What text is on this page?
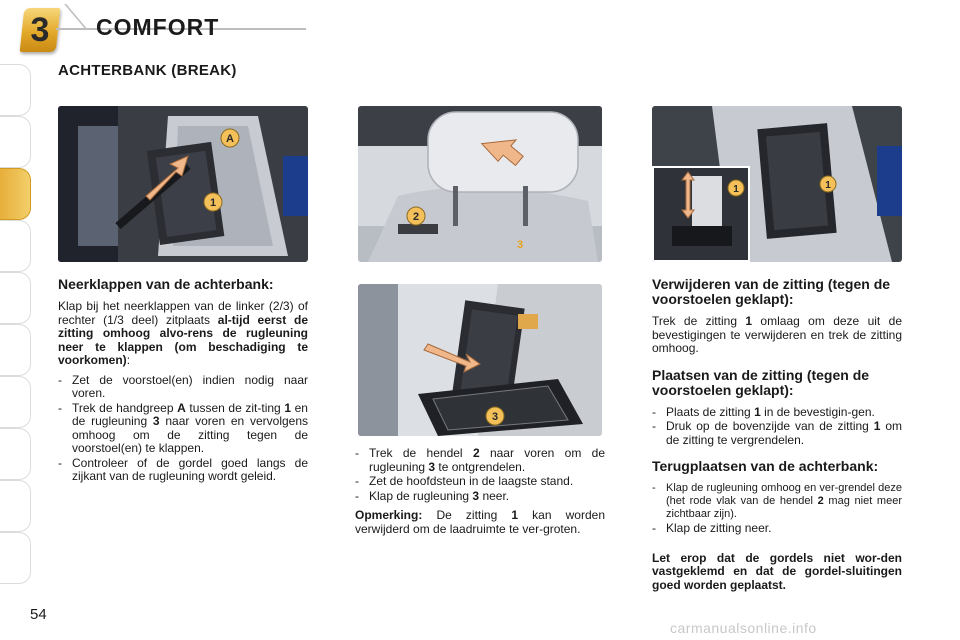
3	COMFORT
ACHTERBANK (BREAK)
A
1
2
3
3
1	1
Neerklappen van de achterbank:

Klap bij het neerklappen van de linker (2/3) of rechter (1/3 deel) zitplaats al-tijd eerst de zitting omhoog alvo-rens de rugleuning neer te klappen (om beschadiging te voorkomen):

- Zet de voorstoel(en) indien nodig naar voren.
- Trek de handgreep A tussen de zit-ting 1 en de rugleuning 3 naar voren en vervolgens omhoog om de zitting tegen de voorstoel(en) te klappen.
- Controleer of de gordel goed langs de zijkant van de rugleuning wordt geleid.
- Trek de hendel 2 naar voren om de rugleuning 3 te ontgrendelen.
- Zet de hoofdsteun in de laagste stand.
- Klap de rugleuning 3 neer.

Opmerking: De zitting 1 kan worden verwijderd om de laadruimte te ver-groten.

Verwijderen van de zitting (tegen de voorstoelen geklapt):

Trek de zitting 1 omlaag om deze uit de bevestigingen te verwijderen en trek de zitting omhoog.

Plaatsen van de zitting (tegen de voorstoelen geklapt):
- Plaats de zitting 1 in de bevestigin-gen.
- Druk op de bovenzijde van de zitting 1 om de zitting te vergrendelen.
Terugplaatsen van de achterbank:
- Klap de rugleuning omhoog en ver-grendel deze (het rode vlak van de hendel 2 mag niet meer zichtbaar zijn).
- Klap de zitting neer.

Let erop dat de gordels niet wor-den vastgeklemd en dat de gordel-sluitingen goed worden geplaatst.

54
carmanualsonline.info
